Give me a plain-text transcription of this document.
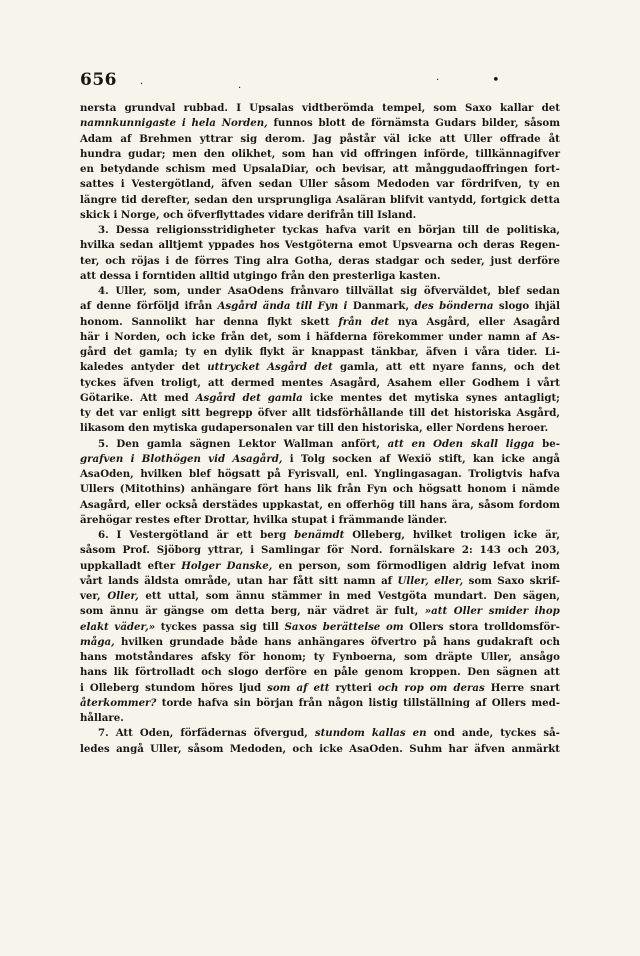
656 ·	·
·	•
nersta grundval rubbad. I Upsalas vidtberömda tempel, som Saxo kallar det
namnkunnigaste i hela Norden, funnos blott de förnämsta Gudars bilder, såsom
Adam af Brehmen yttrar sig derom. Jag påstår väl icke att Uller offrade åt
hundra gudar; men den olikhet, som han vid offringen införde, tillkännagifver
en betydande schism med UpsalaDiar, och bevisar, att månggudaoffringen fort-
sattes i Vestergötland, äfven sedan Uller såsom Medoden var fördrifven, ty en
längre tid derefter, sedan den ursprungliga Asaläran blifvit vantydd, fortgick detta
skick
i
Norge,
och
öfverflyttades
vidare
derifrån
till
Island.
3. Dessa religionsstridigheter tyckas hafva varit en början till de politiska,
hvilka sedan alltjemt yppades hos Vestgöterna emot Upsvearna och deras Regen-
ter, och röjas i de förres Ting alra Gotha, deras stadgar och seder, just derföre
att
dessa
i
forntiden
alltid
utgingo
från
den
presterliga
kasten.
4. Uller, som, under AsaOdens frånvaro tillvällat sig öfverväldet, blef sedan
af denne förföljd ifrån Asgård ända till Fyn i Danmark, des bönderna slogo ihjäl
honom. Sannolikt har denna flykt skett från det nya Asgård, eller Asagård
här i Norden, och icke från det, som i häfderna förekommer under namn af As-
gård det gamla; ty en dylik flykt är knappast tänkbar, äfven i våra tider. Li-
kaledes antyder det uttrycket Asgård det gamla, att ett nyare fanns, och det
tyckes äfven troligt, att dermed mentes Asagård, Asahem eller Godhem i vårt
Götarike. Att med Asgård det gamla icke mentes det mytiska synes antagligt;
ty det var enligt sitt begrepp öfver allt tidsförhållande till det historiska Asgård,
likasom
den
mytiska
gudapersonalen
var
till
den
historiska,
eller
Nordens
heroer.
5. Den gamla sägnen Lektor Wallman anfört, att en Oden skall ligga be-
grafven i Blothögen vid Asagård, i Tolg socken af Wexiö stift, kan icke angå
AsaOden, hvilken blef högsatt på Fyrisvall, enl. Ynglingasagan. Troligtvis hafva
Ullers (Mitothins) anhängare fört hans lik från Fyn och högsatt honom i nämde
Asagård, eller också derstädes uppkastat, en offerhög till hans ära, såsom fordom
ärehögar
restes
efter
Drottar,
hvilka
stupat
i
främmande
länder.
6. I Vestergötland är ett berg benämdt Olleberg, hvilket troligen icke är,
såsom Prof. Sjöborg yttrar, i Samlingar för Nord. fornälskare 2: 143 och 203,
uppkalladt efter Holger Danske, en person, som förmodligen aldrig lefvat inom
vårt lands äldsta område, utan har fått sitt namn af Uller, eller, som Saxo skrif-
ver, Oller, ett uttal, som ännu stämmer in med Vestgöta mundart. Den sägen,
som ännu är gängse om detta berg, när vädret är fult, »att Oller smider ihop
elakt väder,» tyckes passa sig till Saxos berättelse om Ollers stora trolldomsför-
måga, hvilken grundade både hans anhängares öfvertro på hans gudakraft och
hans motståndares afsky för honom; ty Fynboerna, som dräpte Uller, ansågo
hans lik förtrolladt och slogo derföre en påle genom kroppen. Den sägnen att
i Olleberg stundom höres ljud som af ett rytteri och rop om deras Herre snart
återkommer? torde hafva sin början från någon listig tillställning af Ollers med-
hållare.
7. Att Oden, förfädernas öfvergud, stundom kallas en ond ande, tyckes så-
ledes angå Uller, såsom Medoden, och icke AsaOden. Suhm har äfven anmärkt
